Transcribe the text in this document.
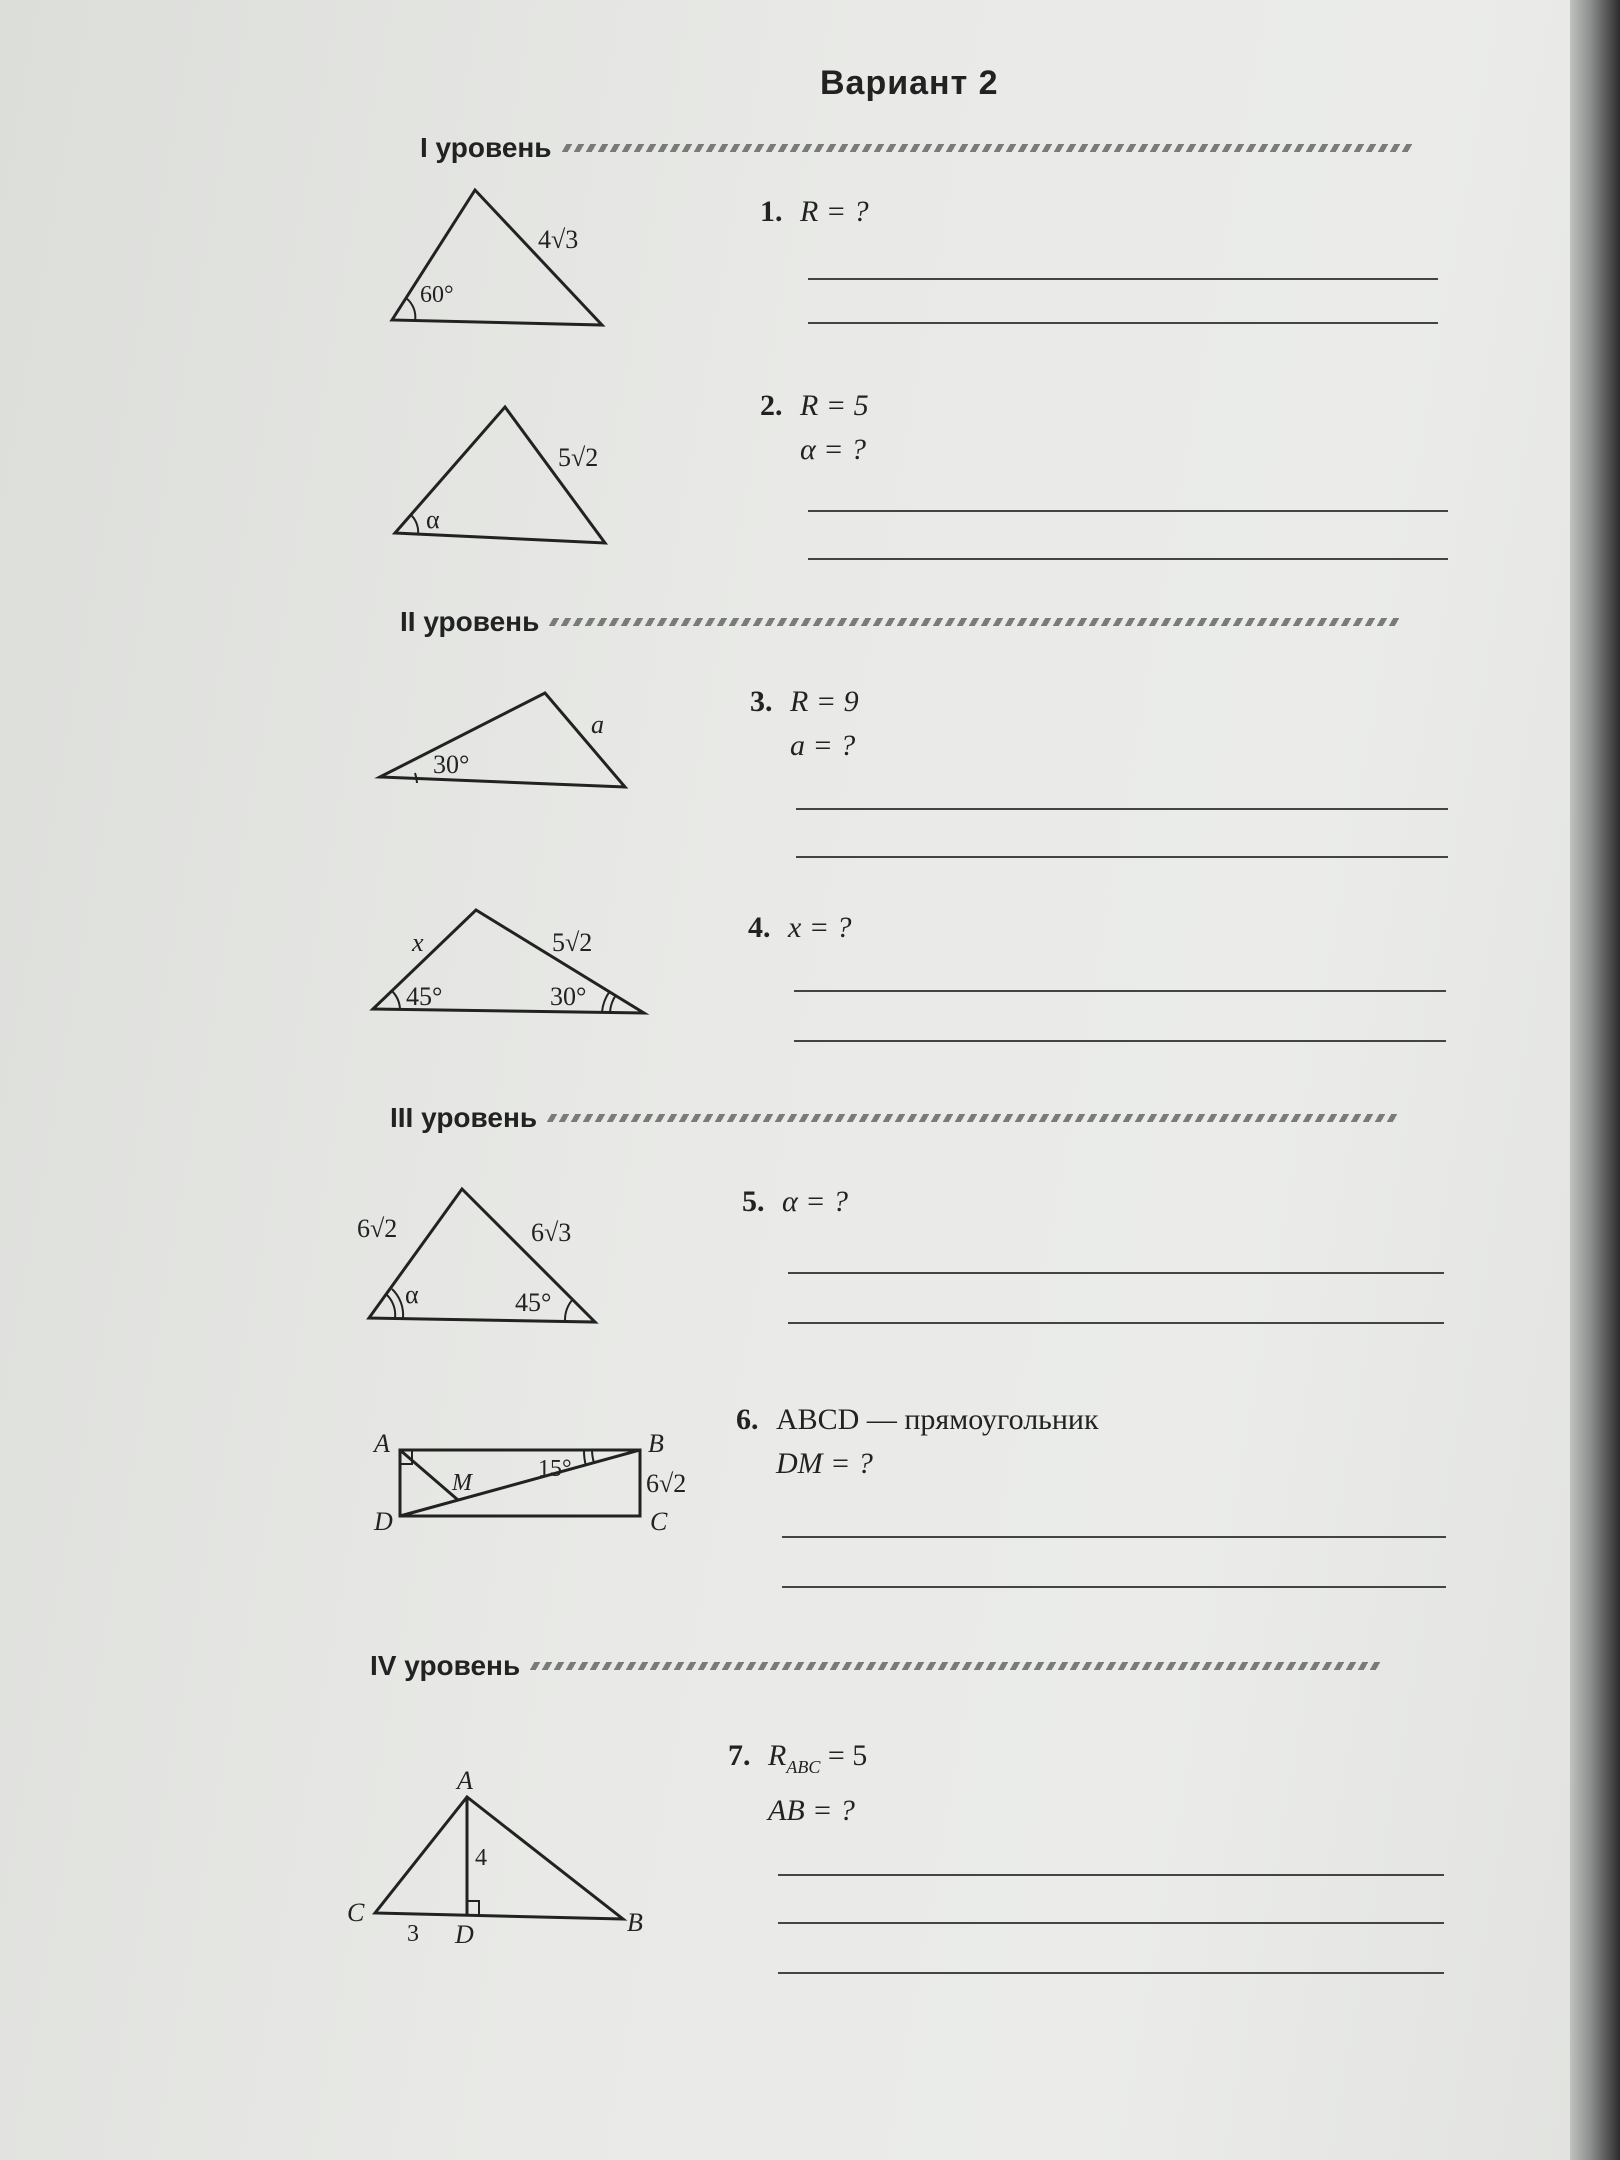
Вариант 2
I уровень
II уровень
III уровень
IV уровень
60°
4√3
1. R = ?
α
5√2
2. R = 5
α = ?
30°
a
3. R = 9
a = ?
45°	30°
x	5√2	4. x = ?
α	45°
6√2	6√3
5. α = ?
A	B
C
D
M
15°	6√2
6. ABCD — прямоугольник
DM = ?
A
B
C
D
4
3
7. $R_{ABC} = 5$
AB = ?
